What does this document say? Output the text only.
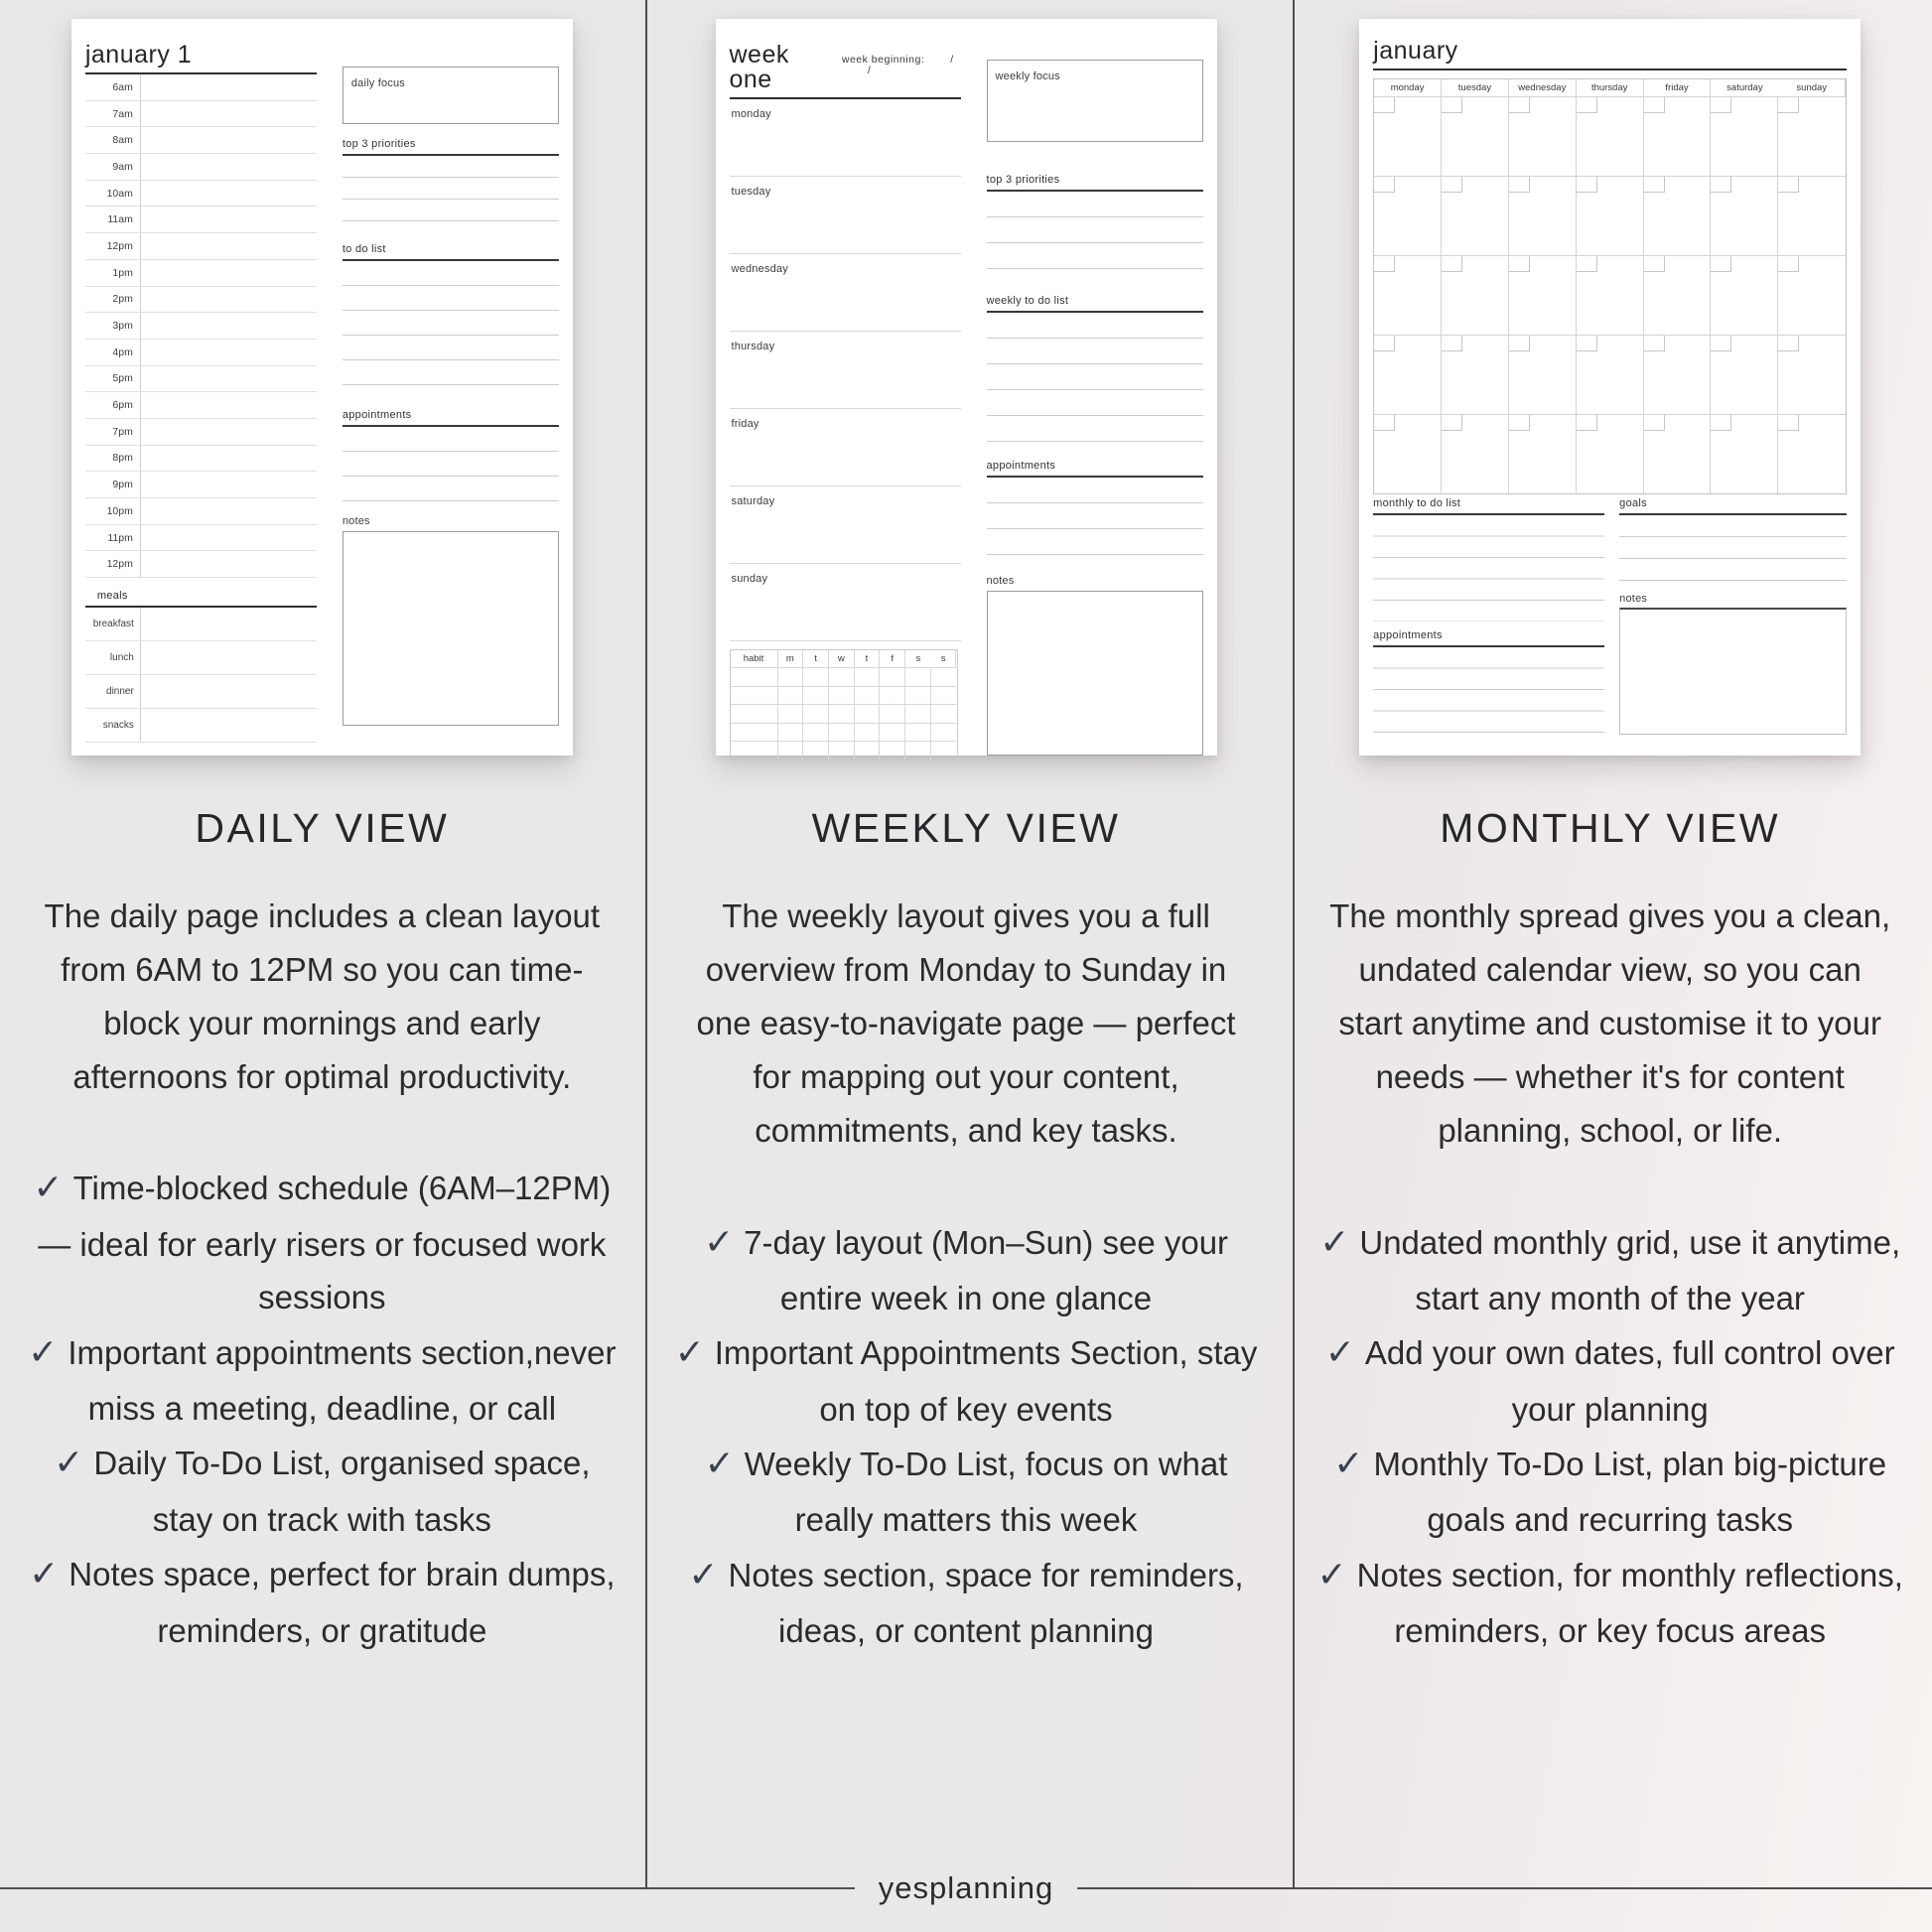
january 1
6am
7am
8am
9am
10am
11am
12pm
1pm
2pm
3pm
4pm
5pm
6pm
7pm
8pm
9pm
10pm
11pm
12pm
meals
breakfast
lunch
dinner
snacks
daily focus
top 3 priorities
to do list
appointments
notes
DAILY VIEW

The daily page includes a clean layout from 6AM to 12PM so you can time-block your mornings and early afternoons for optimal productivity.

✓ Time-blocked schedule (6AM–12PM) — ideal for early risers or focused work sessions
✓ Important appointments section,never miss a meeting, deadline, or call
✓ Daily To-Do List, organised space, stay on track with tasks
✓ Notes space, perfect for brain dumps, reminders, or gratitude
week one
week beginning: //
monday
tuesday
wednesday
thursday
friday
saturday
sunday
habit	m	t	w	t	f	s	s
weekly focus
top 3 priorities
weekly to do list
appointments
notes
WEEKLY VIEW

The weekly layout gives you a full overview from Monday to Sunday in one easy-to-navigate page — perfect for mapping out your content, commitments, and key tasks.

✓ 7-day layout (Mon–Sun) see your entire week in one glance
✓ Important Appointments Section, stay on top of key events
✓ Weekly To-Do List, focus on what really matters this week
✓ Notes section, space for reminders, ideas, or content planning
january
monday	tuesday	wednesday	thursday	friday	saturday	sunday
monthly to do list
appointments
goals
notes
MONTHLY VIEW

The monthly spread gives you a clean, undated calendar view, so you can start anytime and customise it to your needs — whether it's for content planning, school, or life.

✓ Undated monthly grid, use it anytime, start any month of the year
✓ Add your own dates, full control over your planning
✓ Monthly To-Do List, plan big-picture goals and recurring tasks
✓ Notes section, for monthly reflections, reminders, or key focus areas
yesplanning
